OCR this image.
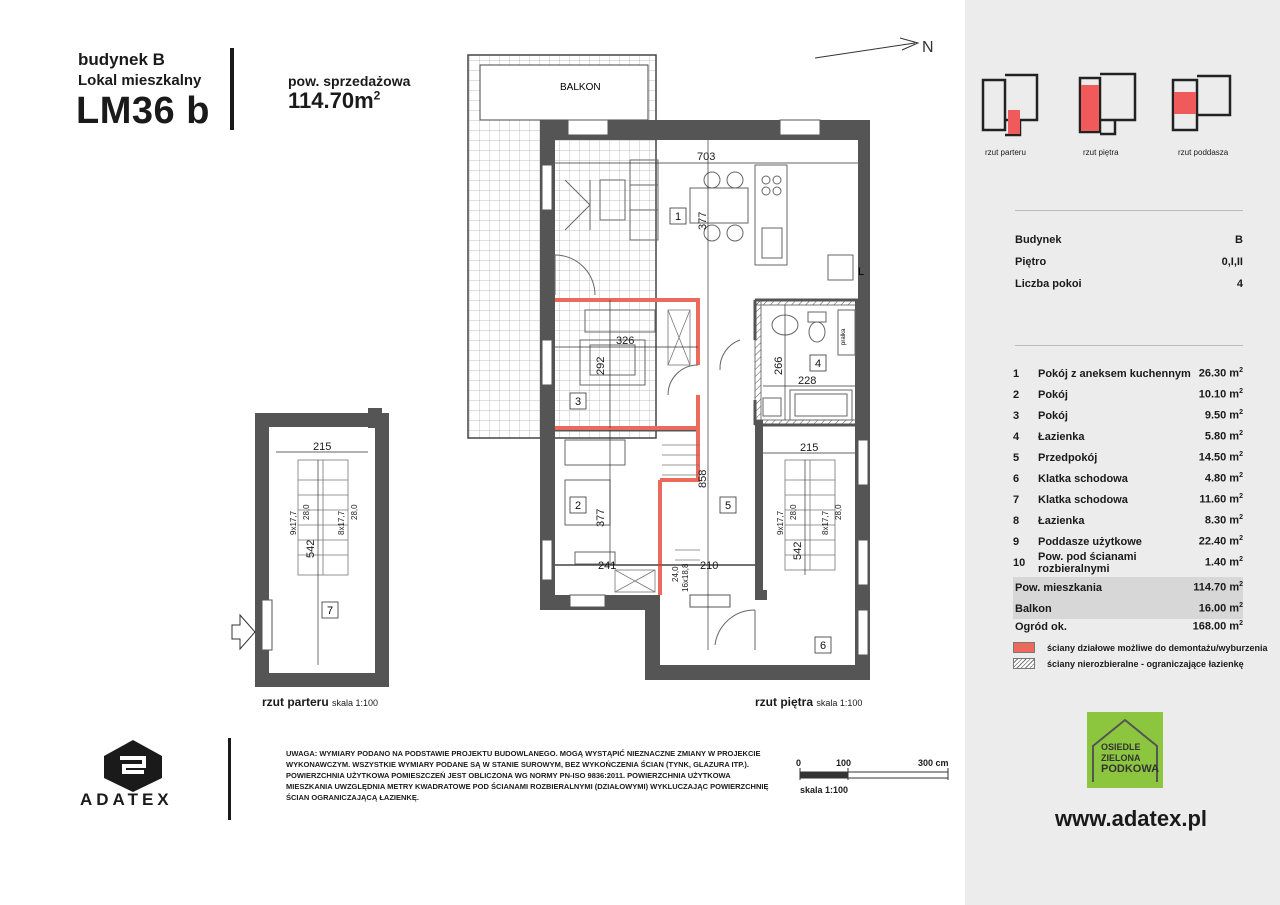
budynek B
Lokal mieszkalny
LM36 b
pow. sprzedażowa
$114.70m^2$
N
BALKON
L
pralka
703
377
326
292	266
228
215
377
241	210
858
542
9x17,7 28,0	8x17,7 28,0
24,0 16x18,8
1
3
2
4
5
6
215
542
9x17,7 28,0	8x17,7 28,0
7
rzut parteru skala 1:100	rzut piętra skala 1:100
0	100	300 cm
skala 1:100
ADATEX
UWAGA: WYMIARY PODANO NA PODSTAWIE PROJEKTU BUDOWLANEGO. MOGĄ WYSTĄPIĆ NIEZNACZNE ZMIANY W PROJEKCIE WYKONAWCZYM. WSZYSTKIE WYMIARY PODANE SĄ W STANIE SUROWYM, BEZ WYKOŃCZENIA ŚCIAN (TYNK, GLAZURA ITP.). POWIERZCHNIA UŻYTKOWA POMIESZCZEŃ JEST OBLICZONA WG NORMY PN-ISO 9836:2011. POWIERZCHNIA UŻYTKOWA MIESZKANIA UWZGLĘDNIA METRY KWADRATOWE POD ŚCIANAMI ROZBIERALNYMI (DZIAŁOWYMI) WYKLUCZAJĄC POWIERZCHNIĘ ŚCIAN OGRANICZAJĄCĄ ŁAZIENKĘ.
rzut parteru	rzut piętra	rzut poddasza
Budynek	B
Piętro	0,I,II
Liczba pokoi	4
1	Pokój z aneksem kuchennym 26.30 $m^2$
2	Pokój	10.10 $m^2$
3	Pokój	9.50 $m^2$
4	Łazienka	5.80 $m^2$
5	Przedpokój	14.50 $m^2$
6	Klatka schodowa	4.80 $m^2$
7	Klatka schodowa	11.60 $m^2$
8	Łazienka	8.30 $m^2$
9	Poddasze użytkowe	22.40 $m^2$
10	Pow. pod ścianami rozbieralnymi	1.40 $m^2$
Pow. mieszkania	114.70 $m^2$
Balkon	16.00 $m^2$
Ogród ok.	168.00 $m^2$
ściany działowe możliwe do demontażu/wyburzenia
ściany nierozbieralne - ograniczające łazienkę
OSIEDLE
ZIELONA
PODKOWA
www.adatex.pl
